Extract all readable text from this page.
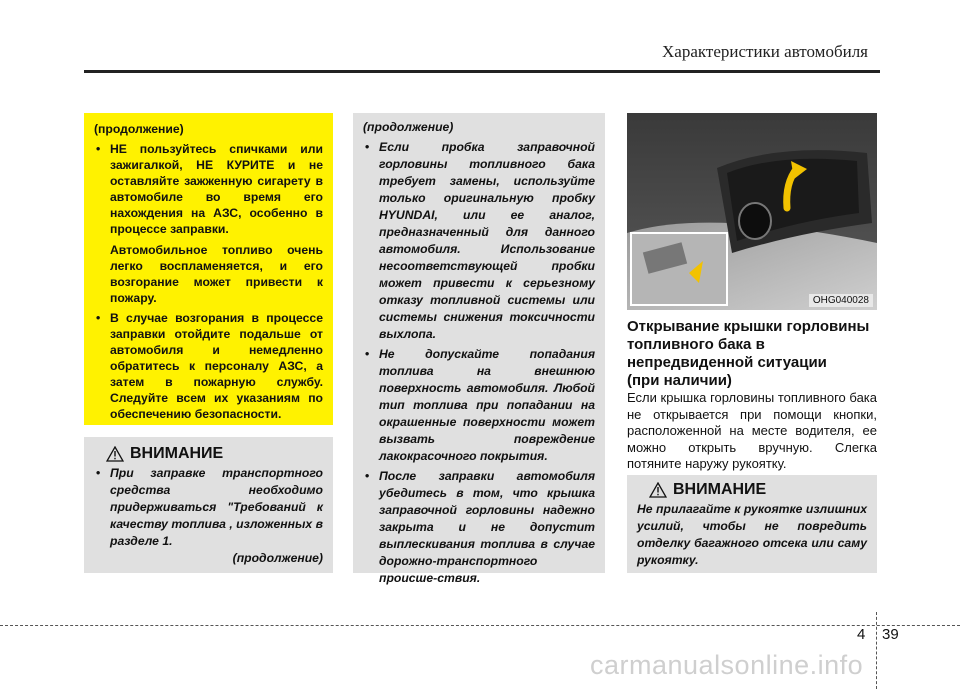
Характеристики автомобиля
(продолжение)
• НЕ пользуйтесь спичками или зажигалкой, НЕ КУРИТЕ и не оставляйте зажженную сигарету в автомобиле во время его нахождения на АЗС, особенно в процессе заправки.
Автомобильное топливо очень легко воспламеняется, и его возгорание может привести к пожару.
• В случае возгорания в процессе заправки отойдите подальше от автомобиля и немедленно обратитесь к персоналу АЗС, а затем в пожарную службу. Следуйте всем их указаниям по обеспечению безопасности.
ВНИМАНИЕ
• При заправке транспортного средства необходимо придерживаться "Требований к качеству топлива , изложенных в разделе 1.
(продолжение)
(продолжение)
• Если пробка заправочной горловины топливного бака требует замены, используйте только оригинальную пробку HYUNDAI, или ее аналог, предназначенный для данного автомобиля. Использование несоответствующей пробки может привести к серьезному отказу топливной системы или системы снижения токсичности выхлопа.
• Не допускайте попадания топлива на внешнюю поверхность автомобиля. Любой тип топлива при попадании на окрашенные поверхности может вызвать повреждение лакокрасочного покрытия.
• После заправки автомобиля убедитесь в том, что крышка заправочной горловины надежно закрыта и не допустит выплескивания топлива в случае дорожно-транспортного происше-ствия.
OHG040028
Открывание крышки горловины
топливного бака в
непредвиденной ситуации
(при наличии)
Если крышка горловины топливного бака не открывается при помощи кнопки, расположенной на месте водителя, ее можно открыть вручную. Слегка потяните наружу рукоятку.
ВНИМАНИЕ
Не прилагайте к рукоятке излишних усилий, чтобы не повредить отделку багажного отсека или саму рукоятку.
4 39
carmanualsonline.info
